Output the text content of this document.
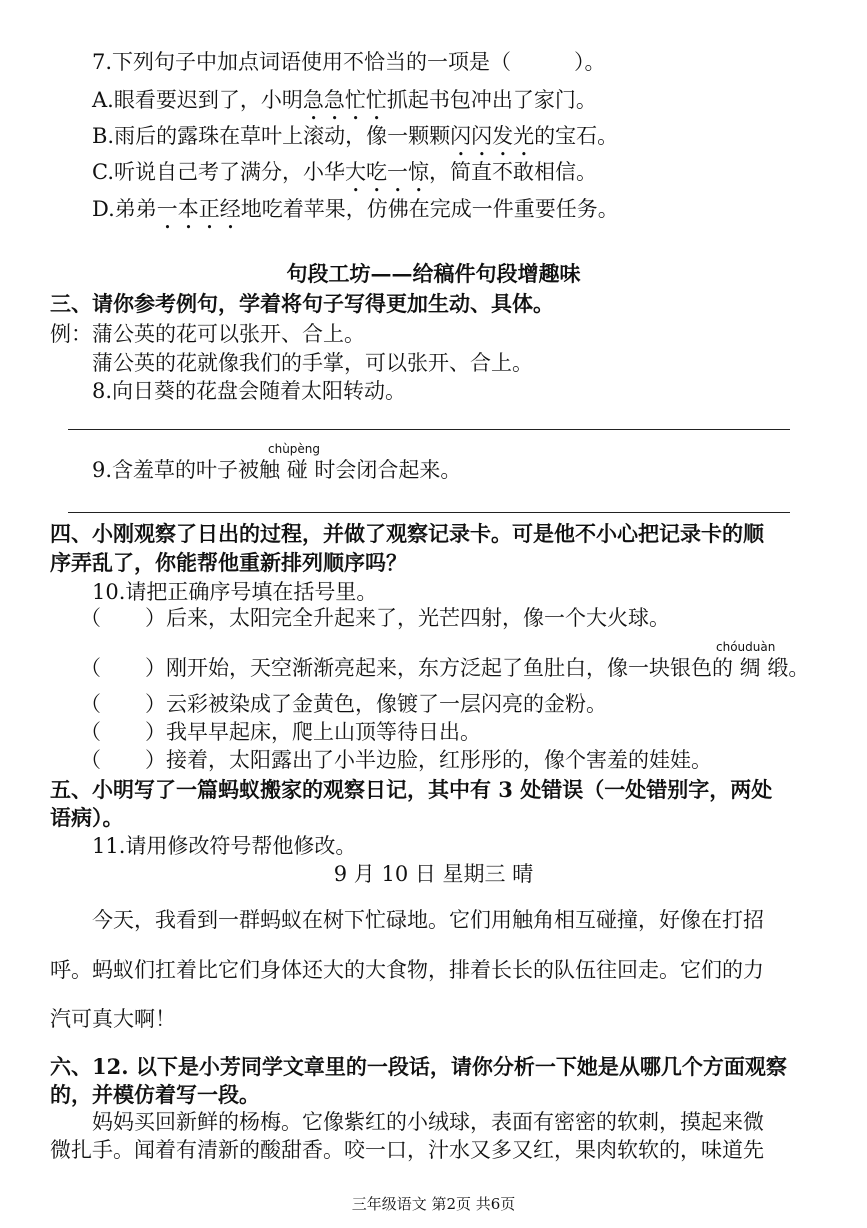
7.下列句子中加点词语使用不恰当的一项是（　　　）。
A.眼看要迟到了，小明急急忙忙抓起书包冲出了家门。
B.雨后的露珠在草叶上滚动，像一颗颗闪闪发光的宝石。
C.听说自己考了满分，小华大吃一惊，简直不敢相信。
D.弟弟一本正经地吃着苹果，仿佛在完成一件重要任务。
句段工坊——给稿件句段增趣味
三、请你参考例句，学着将句子写得更加生动、具体。
例：蒲公英的花可以张开、合上。
蒲公英的花就像我们的手掌，可以张开、合上。
8.向日葵的花盘会随着太阳转动。
chùpèng
9.含羞草的叶子被触 碰 时会闭合起来。
四、小刚观察了日出的过程，并做了观察记录卡。可是他不小心把记录卡的顺
序弄乱了，你能帮他重新排列顺序吗？
10.请把正确序号填在括号里。
（ ）后来，太阳完全升起来了，光芒四射，像一个大火球。
chóuduàn
（ ）刚开始，天空渐渐亮起来，东方泛起了鱼肚白，像一块银色的 绸 缎。
（ ）云彩被染成了金黄色，像镀了一层闪亮的金粉。
（ ）我早早起床，爬上山顶等待日出。
（ ）接着，太阳露出了小半边脸，红彤彤的，像个害羞的娃娃。
五、小明写了一篇蚂蚁搬家的观察日记，其中有 3 处错误（一处错别字，两处
语病）。
11.请用修改符号帮他修改。
9 月 10 日 星期三 晴
今天，我看到一群蚂蚁在树下忙碌地。它们用触角相互碰撞，好像在打招
呼。蚂蚁们扛着比它们身体还大的大食物，排着长长的队伍往回走。它们的力
汽可真大啊！
六、12. 以下是小芳同学文章里的一段话，请你分析一下她是从哪几个方面观察
的，并模仿着写一段。
妈妈买回新鲜的杨梅。它像紫红的小绒球，表面有密密的软刺，摸起来微
微扎手。闻着有清新的酸甜香。咬一口，汁水又多又红，果肉软软的，味道先
三年级语文 第2页 共6页
